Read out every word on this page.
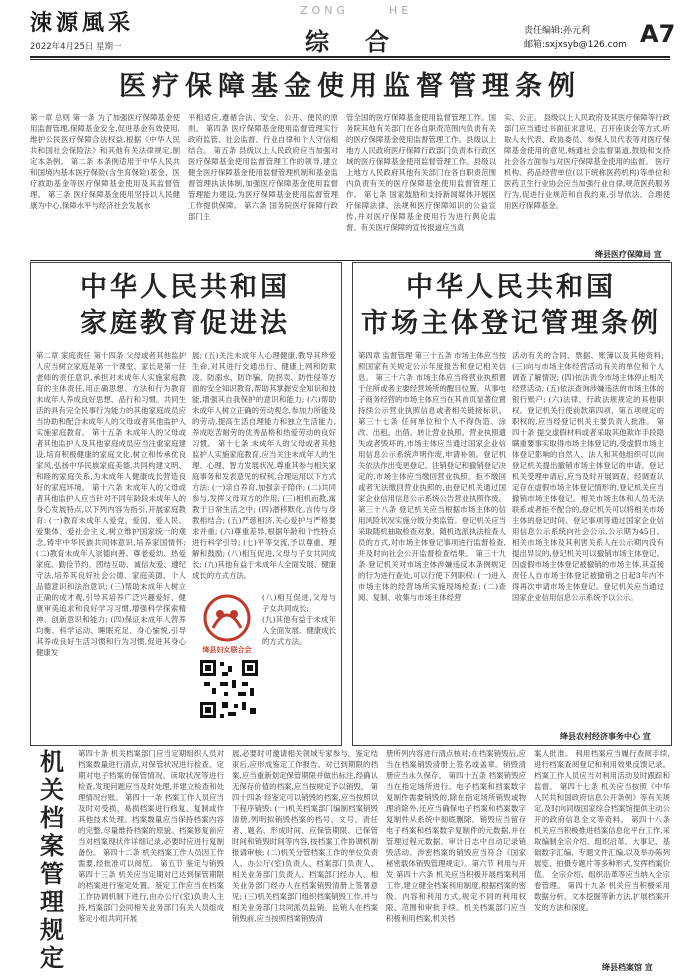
涑源風采
2022年4月25日 星期一
ZONG	HE
综合	责任编辑:孙元利
邮箱:sxjxsyb@126.com A7
医疗保障基金使用监督管理条例
第一章 总则 第一条 为了加强医疗保障基金使用监督管理,保障基金安全,促进基金有效使用,维护公民医疗保障合法权益,根据《中华人民共和国社会保险法》和其他有关法律规定,制定本条例。 第二条 本条例适用于中华人民共和国境内基本医疗保险(含生育保险)基金、医疗救助基金等医疗保障基金使用及其监督管理。 第三条 医疗保障基金使用坚持以人民健康为中心,保障水平与经济社会发展水
平相适应,遵循合法、安全、公开、便民的原则。 第四条 医疗保障基金使用监督管理实行政府监管、社会监督、行业自律和个人守信相结合。 第五条 县级以上人民政府应当加强对医疗保障基金使用监督管理工作的领导,建立健全医疗保障基金使用监督管理机制和基金监督管理执法体制,加强医疗保障基金使用监督管理能力建设,为医疗保障基金使用监督管理工作提供保障。 第六条 国务院医疗保障行政部门主
管全国的医疗保障基金使用监督管理工作。国务院其他有关部门在各自职责范围内负责有关的医疗保障基金使用监督管理工作。县级以上地方人民政府医疗保障行政部门负责本行政区域的医疗保障基金使用监督管理工作。县级以上地方人民政府其他有关部门在各自职责范围内负责有关的医疗保障基金使用监督管理工作。 第七条 国家鼓励和支持新闻媒体开展医疗保障法律、法规和医疗保障知识的公益宣传,并对医疗保障基金使用行为进行舆论监督。有关医疗保障的宣传报道应当真
实、公正。 县级以上人民政府及其医疗保障等行政部门应当通过书面征求意见、召开座谈会等方式,听取人大代表、政协委员、参保人员代表等对医疗保障基金使用的意见,畅通社会监督渠道,鼓励和支持社会各方面参与对医疗保障基金使用的监督。 医疗机构、药品经营单位(以下统称医药机构)等单位和医药卫生行业协会应当加强行业自律,规范医药服务行为,促进行业规范和自我约束,引导依法、合理使用医疗保障基金。
绛县医疗保障局 宣
中华人民共和国
家庭教育促进法
第二章 家庭责任 第十四条 父母或者其他监护人应当树立家庭是第一个课堂、家长是第一任老师的责任意识,承担对未成年人实施家庭教育的主体责任,用正确思想、方法和行为教育未成年人养成良好思想、品行和习惯。共同生活的具有完全民事行为能力的其他家庭成员应当协助和配合未成年人的父母或者其他监护人实施家庭教育。 第十五条 未成年人的父母或者其他监护人及其他家庭成员应当注重家庭建设,培育积极健康的家庭文化,树立和传承优良家风,弘扬中华民族家庭美德,共同构建文明、和睦的家庭关系,为未成年人健康成长营造良好的家庭环境。 第十六条 未成年人的父母或者其他监护人应当针对不同年龄段未成年人的身心发展特点,以下列内容为指引,开展家庭教育: (一)教育未成年人爱党、爱国、爱人民、爱集体、爱社会主义,树立维护国家统一的观念,铸牢中华民族共同体意识,培养家国情怀; (二)教育未成年人崇德向善、尊老爱幼、热爱家庭、勤俭节约、团结互助、诚信友爱、遵纪守法,培养其良好社会公德、家庭美德、个人品德意识和法治意识; (三)帮助未成年人树立正确的成才观,引导其培养广泛兴趣爱好、健康审美追求和良好学习习惯,增强科学探索精神、创新意识和能力; (四)保证未成年人营养均衡、科学运动、睡眠充足、身心愉悦,引导其养成良好生活习惯和行为习惯,促进其身心健康发
展; (五)关注未成年人心理健康,教导其珍爱生命,对其进行交通出行、健康上网和防欺凌、防溺水、防诈骗、防拐卖、防性侵等方面的安全知识教育,帮助其掌握安全知识和技能,增强其自我保护的意识和能力; (六)帮助未成年人树立正确的劳动观念,参加力所能及的劳动,提高生活自理能力和独立生活能力,养成吃苦耐劳的优秀品格和热爱劳动的良好习惯。 第十七条 未成年人的父母或者其他监护人实施家庭教育,应当关注未成年人的生理、心理、智力发展状况,尊重其参与相关家庭事务和发表意见的权利,合理运用以下方式方法: (一)亲自养育,加强亲子陪伴; (二)共同参与,发挥父母双方的作用; (三)相机而教,寓教于日常生活之中; (四)潜移默化,言传与身教相结合; (五)严慈相济,关心爱护与严格要求并重; (六)尊重差异,根据年龄和个性特点进行科学引导; (七)平等交流,予以尊重、理解和鼓励; (八)相互促进,父母与子女共同成长; (九)其他有益于未成年人全面发展、健康成长的方式方法。
绛县妇女联合会

(八)相互促进,父母与子女共同成长;

(九)其他有益于未成年人全面发展、健康成长的方式方法。

中华人民共和国
市场主体登记管理条例
第四章 监督管理 第三十五条 市场主体应当按照国家有关规定公示年度报告和登记相关信息。 第三十六条 市场主体应当将营业执照置于住所或者主要经营场所的醒目位置。从事电子商务经营的市场主体应当在其首页显著位置持续公示营业执照信息或者相关链接标识。 第三十七条 任何单位和个人不得伪造、涂改、出租、出借、转让营业执照。营业执照遗失或者毁坏的,市场主体应当通过国家企业信用信息公示系统声明作废,申请补领。登记机关依法作出变更登记、注销登记和撤销登记决定的,市场主体应当缴回营业执照。拒不缴回或者无法缴回营业执照的,由登记机关通过国家企业信用信息公示系统公告营业执照作废。 第三十八条 登记机关应当根据市场主体的信用风险状况实施分级分类监管。登记机关应当采取随机抽取检查对象、随机选派执法检查人员的方式,对市场主体登记事项进行监督检查,并及时向社会公开监督检查结果。 第三十九条 登记机关对市场主体涉嫌违反本条例规定的行为进行查处,可以行使下列职权: (一)进入市场主体的经营场所实施现场检查; (二)查阅、复制、收集与市场主体经营
活动有关的合同、票据、账簿以及其他资料; (三)向与市场主体经营活动有关的单位和个人调查了解情况; (四)依法责令市场主体停止相关经营活动; (五)依法查询涉嫌违法的市场主体的银行账户; (六)法律、行政法规规定的其他职权。登记机关行使前款第四项、第五项规定的职权的,应当经登记机关主要负责人批准。 第四十条 提交虚假材料或者采取其他欺诈手段隐瞒重要事实取得市场主体登记的,受虚假市场主体登记影响的自然人、法人和其他组织可以向登记机关提出撤销市场主体登记的申请。登记机关受理申请后,应当及时开展调查。经调查认定存在虚假市场主体登记情形的,登记机关应当撤销市场主体登记。相关市场主体和人员无法联系或者拒不配合的,登记机关可以将相关市场主体的登记时间、登记事项等通过国家企业信用信息公示系统向社会公示,公示期为45日。相关市场主体及其利害关系人在公示期内没有提出异议的,登记机关可以撤销市场主体登记。因虚假市场主体登记被撤销的市场主体,其直接责任人自市场主体登记被撤销之日起3年内不得再次申请市场主体登记。登记机关应当通过国家企业信用信息公示系统予以公示。
绛县农村经济事务中心 宣
机关档案管理规定
第四十条 机关档案部门应当定期组织人员对档案数量进行清点,对保管状况进行检查。定期对电子档案的保管情况、读取状况等进行检查,发现问题应当及时处理,并建立检查和处理情况台账。 第四十一条 档案工作人员应当及时对受损、易损档案进行修复、复制或作其他技术处理。档案数量应当保持档案内容的完整,尽量维持档案的原貌。档案修复前应当对档案现状作详细记录,必要时应进行复制备份。 第四十二条 机关档案工作人员因工作需要,经批准可以阅览。 第五节 鉴定与销毁 第四十三条 机关应当定期对已达到保管期限的档案进行鉴定处置。鉴定工作应当在档案工作协调机制下进行,由办公厅(室)负责人主持,档案部门会同相关业务部门有关人员组成鉴定小组共同开展
展,必要时可邀请相关领域专家参与。鉴定结束后,应形成鉴定工作报告。对已到期限的档案,应当重新划定保管期限并做出标注,经确认无保存价值的档案,应当按规定予以销毁。 第四十四条 经鉴定可以销毁的档案,应当按照以下程序销毁: (一)机关档案部门编制档案销毁清册,列明拟销毁档案的档号、文号、责任者、题名、形成时间、应保管期限、已保管时间和销毁时间等内容,按档案工作协调机制报请审核; (二)机关分管档案工作的单位负责人、办公厅(室)负责人、档案部门负责人、相关业务部门负责人、档案部门经办人、相关业务部门经办人在档案销毁清册上签署意见; (三)机关档案部门组织档案销毁工作,并与相关业务部门共同派员监销。监销人在档案销毁前,应当按照档案销毁清
册所列内容进行清点核对;在档案销毁后,应当在档案销毁清册上签名或盖章。销毁清册应当永久保存。 第四十五条 档案销毁应当在指定场所进行。电子档案和档案数字复制件需要销毁的,除在指定场所销毁或物理消除外,还应当确保电子档案和档案数字复制件从系统中彻底删除。销毁应当留存电子档案和档案数字复制件的元数据,并在管理过程元数据、审计日志中自动记录销毁活动。涉密档案的销毁应当符合《国家秘密载体销毁管理规定》。第六节 利用与开发 第四十六条 机关应当积极开展档案利用工作,建立健全档案利用制度,根据档案的密级、内容和利用方式,规定不同的利用权限、范围和审批手续。机关档案部门应当积极利用档案,机关档
案人批准。 利用档案应当履行查阅手续,进行档案查阅登记和利用效果反馈记录。档案工作人员应当对利用活动及时跟踪和监督。 第四十七条 机关应当按照《中华人民共和国政府信息公开条例》等有关规定,及时向同级国家综合档案馆提供主动公开的政府信息全文等资料。 第四十八条 机关应当积极推进档案信息化平台工作,采取编制全宗介绍、组织沿革、大事记、基础数字汇编、专题文件汇编,以及举办陈列展览、拍摄专题片等多种形式,发挥档案价值。 全宗介绍、组织沿革等应当纳入全宗卷管理。 第四十九条 机关应当积极采用数据分析、文本挖掘等新方法,扩展档案开发的方法和深度。
绛县档案馆 宣
